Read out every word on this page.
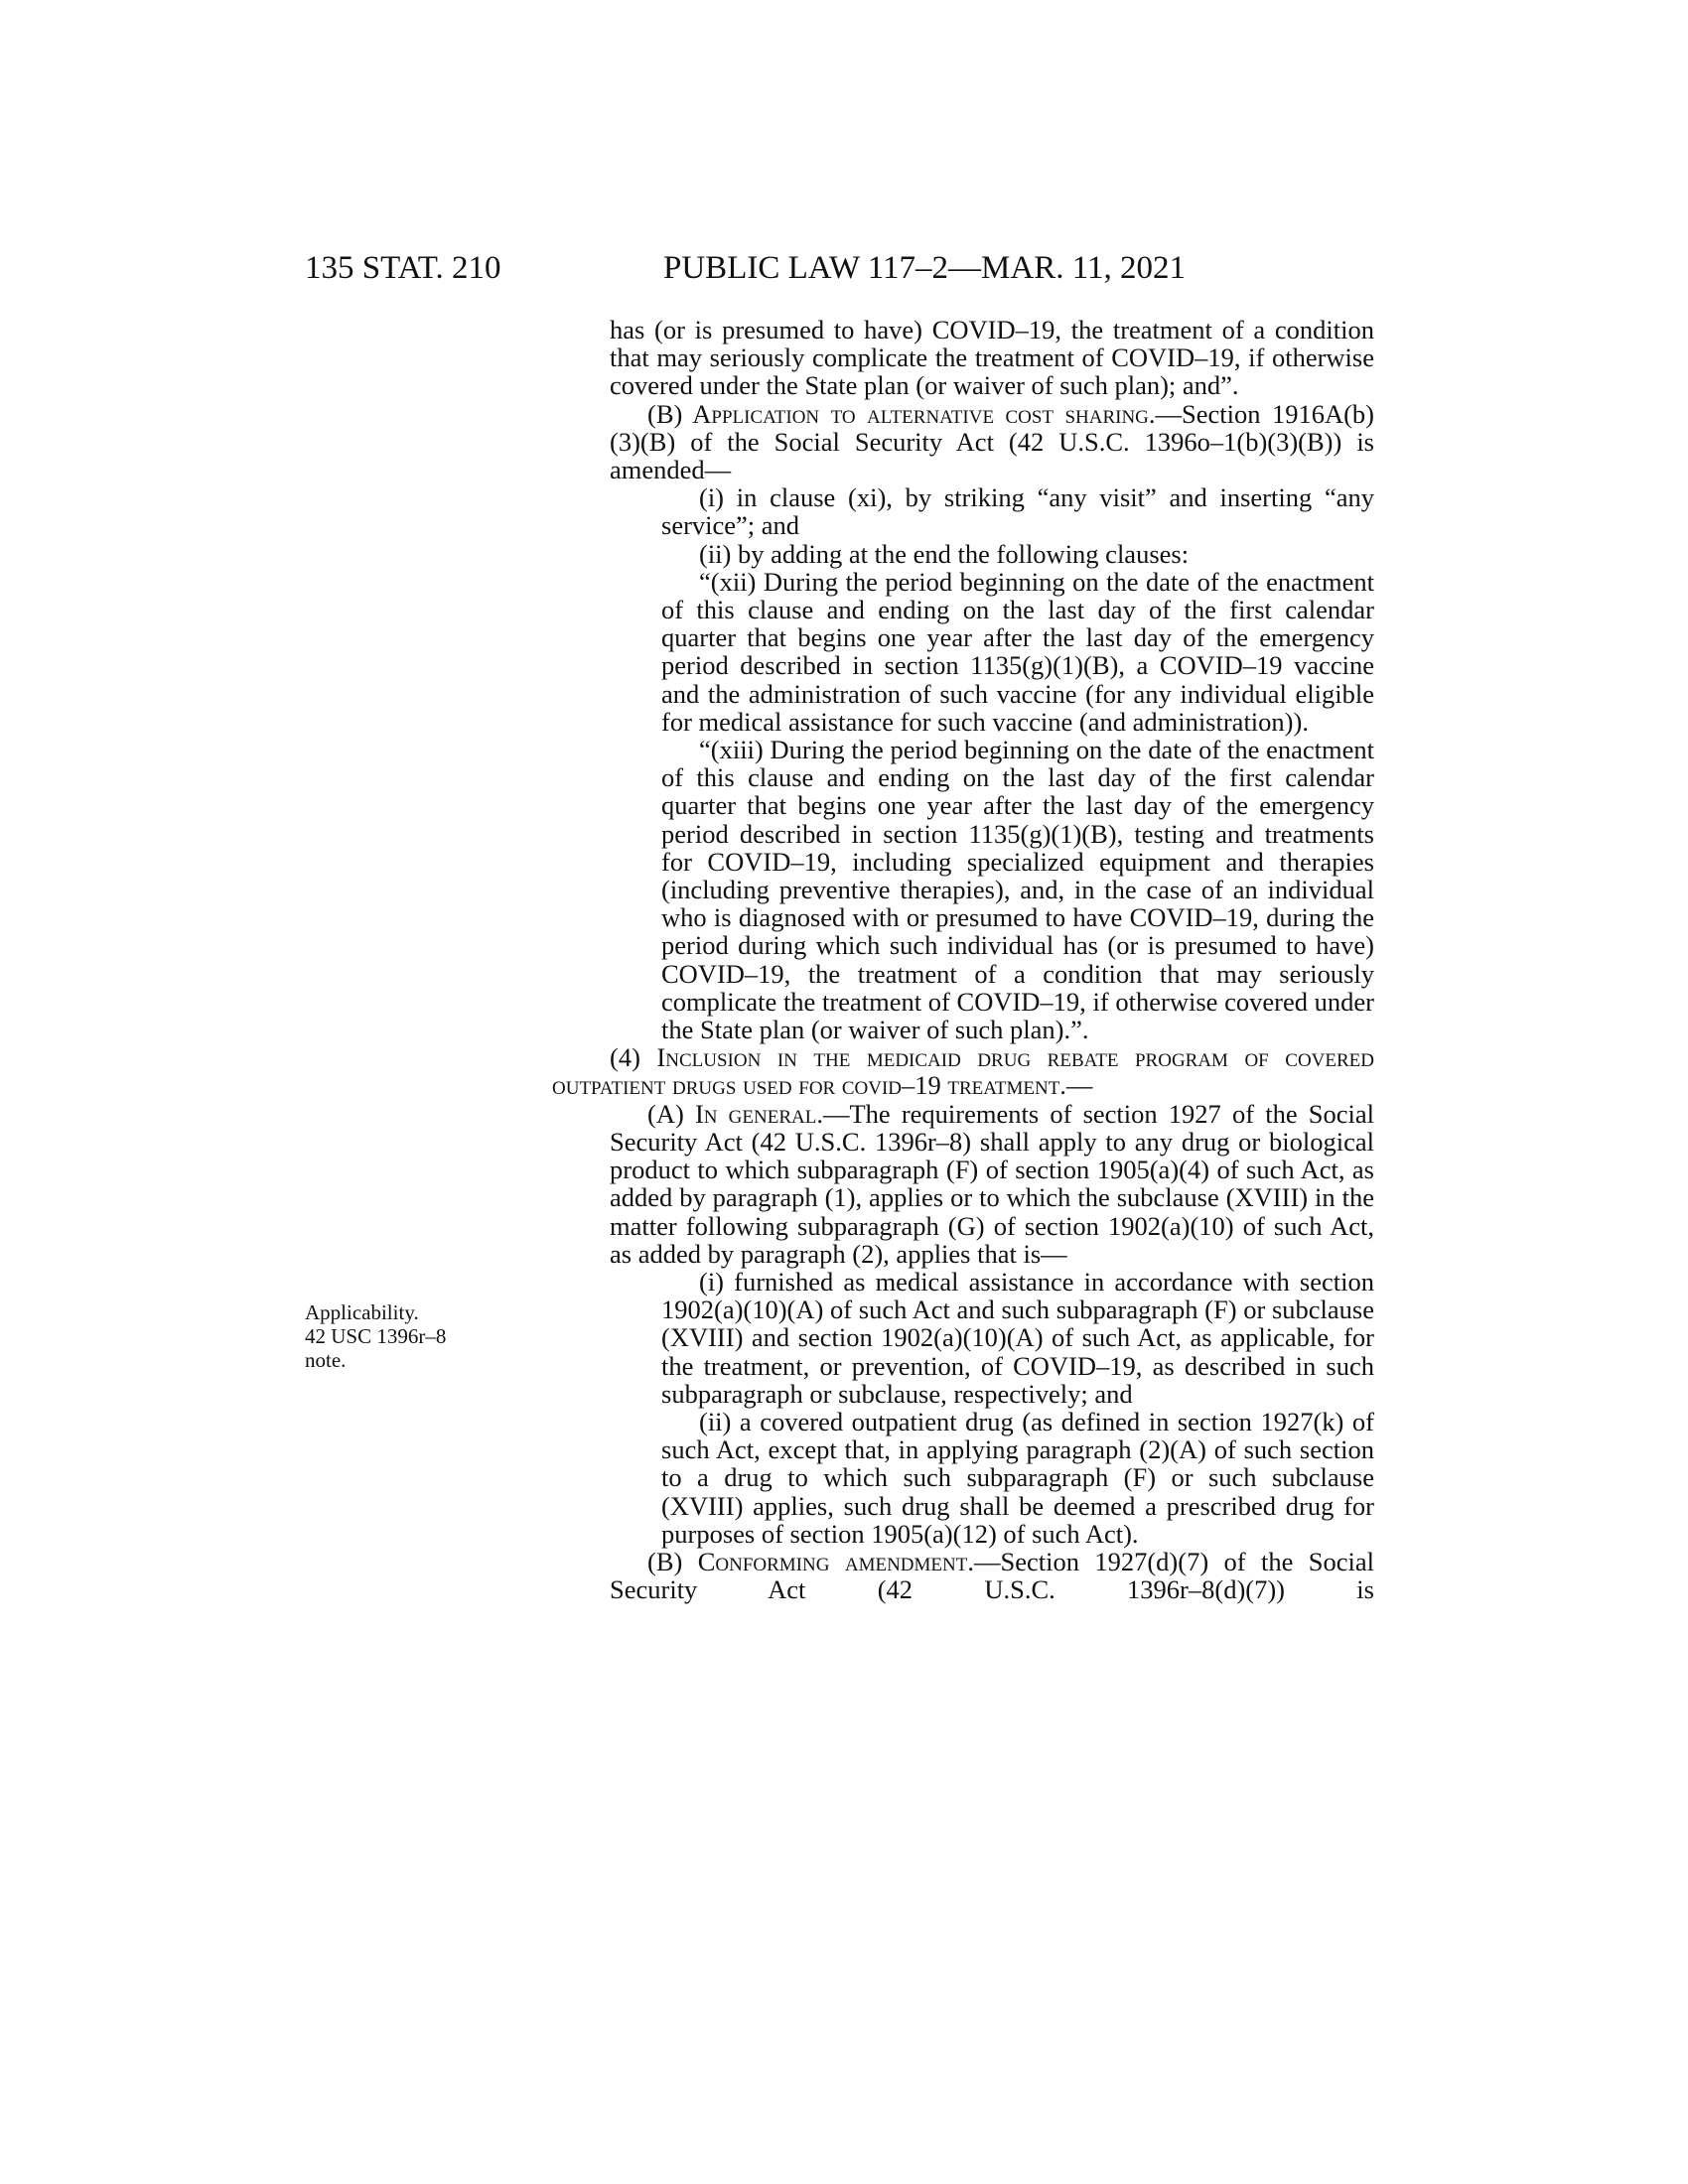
135 STAT. 210	PUBLIC LAW 117–2—MAR. 11, 2021
Applicability.
42 USC 1396r–8
note.

has (or is presumed to have) COVID–19, the treatment of a condition that may seriously complicate the treatment of COVID–19, if otherwise covered under the State plan (or waiver of such plan); and”.

(B) Application to alternative cost sharing.—Section 1916A(b)(3)(B) of the Social Security Act (42 U.S.C. 1396o–1(b)(3)(B)) is amended—

(i) in clause (xi), by striking “any visit” and inserting “any service”; and

(ii) by adding at the end the following clauses:

“(xii) During the period beginning on the date of the enactment of this clause and ending on the last day of the first calendar quarter that begins one year after the last day of the emergency period described in section 1135(g)(1)(B), a COVID–19 vaccine and the administration of such vaccine (for any individual eligible for medical assistance for such vaccine (and administration)).

“(xiii) During the period beginning on the date of the enactment of this clause and ending on the last day of the first calendar quarter that begins one year after the last day of the emergency period described in section 1135(g)(1)(B), testing and treatments for COVID–19, including specialized equipment and therapies (including preventive therapies), and, in the case of an individual who is diagnosed with or presumed to have COVID–19, during the period during which such individual has (or is presumed to have) COVID–19, the treatment of a condition that may seriously complicate the treatment of COVID–19, if otherwise covered under the State plan (or waiver of such plan).”.

(4) Inclusion in the medicaid drug rebate program of covered outpatient drugs used for covid–19 treatment.—

(A) In general.—The requirements of section 1927 of the Social Security Act (42 U.S.C. 1396r–8) shall apply to any drug or biological product to which subparagraph (F) of section 1905(a)(4) of such Act, as added by paragraph (1), applies or to which the subclause (XVIII) in the matter following subparagraph (G) of section 1902(a)(10) of such Act, as added by paragraph (2), applies that is—

(i) furnished as medical assistance in accordance with section 1902(a)(10)(A) of such Act and such subparagraph (F) or subclause (XVIII) and section 1902(a)(10)(A) of such Act, as applicable, for the treatment, or prevention, of COVID–19, as described in such subparagraph or subclause, respectively; and

(ii) a covered outpatient drug (as defined in section 1927(k) of such Act, except that, in applying paragraph (2)(A) of such section to a drug to which such subparagraph (F) or such subclause (XVIII) applies, such drug shall be deemed a prescribed drug for purposes of section 1905(a)(12) of such Act).

(B) Conforming amendment.—Section 1927(d)(7) of the Social Security Act (42 U.S.C. 1396r–8(d)(7)) is
